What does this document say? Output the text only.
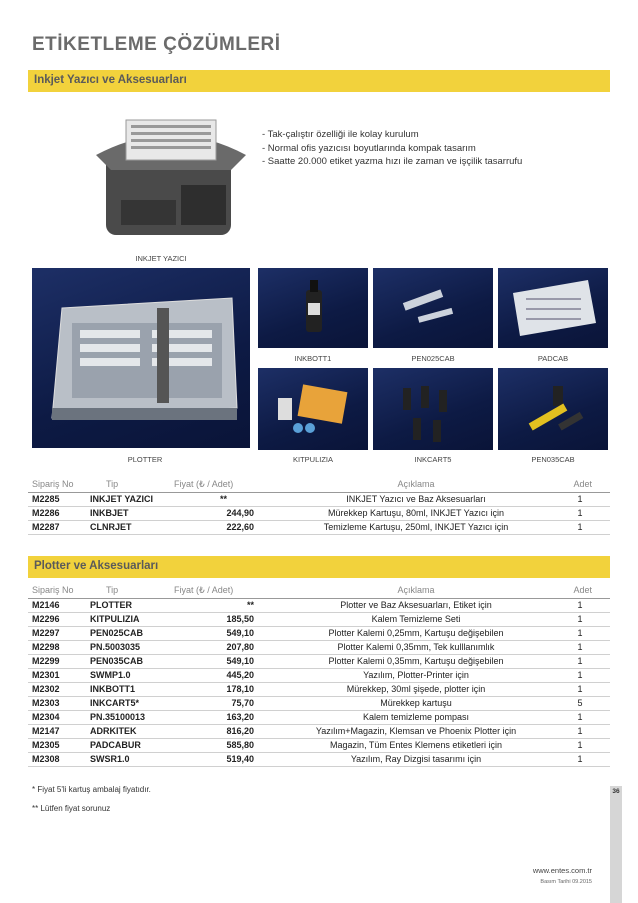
ETİKETLEME ÇÖZÜMLERİ
Inkjet Yazıcı ve Aksesuarları
INKJET YAZICI
- Tak-çalıştır özelliği ile kolay kurulum
- Normal ofis yazıcısı boyutlarında kompak tasarım
- Saatte 20.000 etiket yazma hızı ile zaman ve işçilik tasarrufu
PLOTTER
INKBOTT1	PEN025CAB	PADCAB
KITPULIZIA	INKCART5	PEN035CAB
Sipariş No	Tip	Fiyat (₺ / Adet)	Açıklama	Adet
M2285	INKJET YAZICI	**	INKJET Yazıcı ve Baz Aksesuarları	1
M2286	INKBJET	244,90	Mürekkep Kartuşu, 80ml, INKJET Yazıcı için	1
M2287	CLNRJET	222,60	Temizleme Kartuşu, 250ml, INKJET Yazıcı için	1
Plotter ve Aksesuarları
Sipariş No	Tip	Fiyat (₺ / Adet)	Açıklama	Adet
M2146	PLOTTER	**	Plotter ve Baz Aksesuarları, Etiket için	1
M2296	KITPULIZIA	185,50	Kalem Temizleme Seti	1
M2297	PEN025CAB	549,10	Plotter Kalemi 0,25mm, Kartuşu değişebilen	1
M2298	PN.5003035	207,80	Plotter Kalemi 0,35mm, Tek kulllanımlık	1
M2299	PEN035CAB	549,10	Plotter Kalemi 0,35mm, Kartuşu değişebilen	1
M2301	SWMP1.0	445,20	Yazılım, Plotter-Printer için	1
M2302	INKBOTT1	178,10	Mürekkep, 30ml şişede, plotter için	1
M2303	INKCART5*	75,70	Mürekkep kartuşu	5
M2304	PN.35100013	163,20	Kalem temizleme pompası	1
M2147	ADRKITEK	816,20	Yazılım+Magazin, Klemsan ve Phoenix Plotter için	1
M2305	PADCABUR	585,80	Magazin, Tüm Entes Klemens etiketleri için	1
M2308	SWSR1.0	519,40	Yazılım, Ray Dizgisi tasarımı için	1
* Fiyat 5'li kartuş ambalaj fiyatıdır.
** Lütfen fiyat sorunuz
www.entes.com.tr
Basım Tarihi 09.2015
36
